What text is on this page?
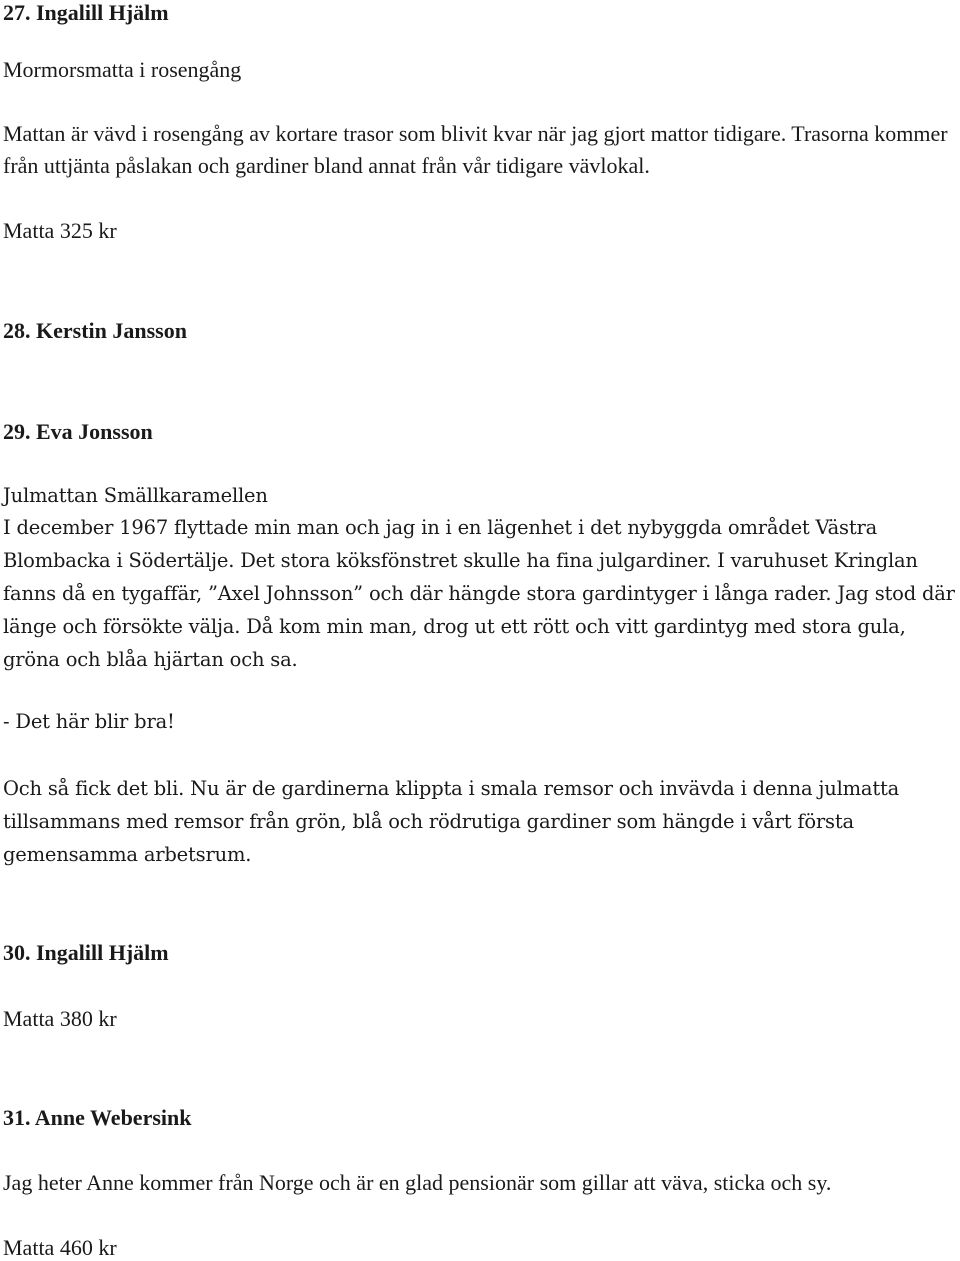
27. Ingalill Hjälm
Mormorsmatta i rosengång

Mattan är vävd i rosengång av kortare trasor som blivit kvar när jag gjort mattor tidigare. Trasorna kommer från uttjänta påslakan och gardiner bland annat från vår tidigare vävlokal.

Matta 325 kr
28. Kerstin Jansson
29. Eva Jonsson
Julmattan Smällkaramellen

I december 1967 flyttade min man och jag in i en lägenhet i det nybyggda området Västra Blombacka i Södertälje. Det stora köksfönstret skulle ha fina julgardiner. I varuhuset Kringlan fanns då en tygaffär, ”Axel Johnsson” och där hängde stora gardintyger i långa rader. Jag stod där länge och försökte välja. Då kom min man, drog ut ett rött och vitt gardintyg med stora gula, gröna och blåa hjärtan och sa.

- Det här blir bra!

Och så fick det bli. Nu är de gardinerna klippta i smala remsor och invävda i denna julmatta tillsammans med remsor från grön, blå och rödrutiga gardiner som hängde i vårt första gemensamma arbetsrum.

30. Ingalill Hjälm
Matta 380 kr
31. Anne Webersink
Jag heter Anne kommer från Norge och är en glad pensionär som gillar att väva, sticka och sy.
Matta 460 kr
